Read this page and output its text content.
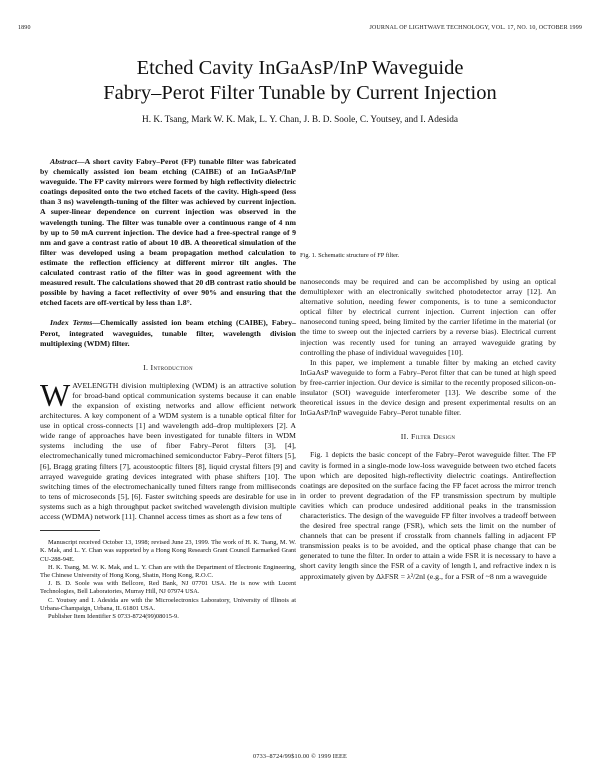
1890	JOURNAL OF LIGHTWAVE TECHNOLOGY, VOL. 17, NO. 10, OCTOBER 1999
Etched Cavity InGaAsP/InP Waveguide
Fabry–Perot Filter Tunable by Current Injection
H. K. Tsang, Mark W. K. Mak, L. Y. Chan, J. B. D. Soole, C. Youtsey, and I. Adesida

Abstract—A short cavity Fabry–Perot (FP) tunable filter was fabricated by chemically assisted ion beam etching (CAIBE) of an InGaAsP/InP waveguide. The FP cavity mirrors were formed by high reflectivity dielectric coatings deposited onto the two etched facets of the cavity. High-speed (less than 3 ns) wavelength-tuning of the filter was achieved by current injection. A super-linear dependence on current injection was observed in the wavelength tuning. The filter was tunable over a continuous range of 4 nm by up to 50 mA current injection. The device had a free-spectral range of 9 nm and gave a contrast ratio of about 10 dB. A theoretical simulation of the filter was developed using a beam propagation method calculation to estimate the reflection efficiency at different mirror tilt angles. The calculated contrast ratio of the filter was in good agreement with the measured result. The calculations showed that 20 dB contrast ratio should be possible by having a facet reflectivity of over 90% and ensuring that the etched facets are off-vertical by less than 1.8°.

Index Terms—Chemically assisted ion beam etching (CAIBE), Fabry–Perot, integrated waveguides, tunable filter, wavelength division multiplexing (WDM) filter.

I. Introduction

WAVELENGTH division multiplexing (WDM) is an attractive solution for broad-band optical communication systems because it can enable the expansion of existing networks and allow efficient network architectures. A key component of a WDM system is a tunable optical filter for use in optical cross-connects [1] and wavelength add–drop multiplexers [2]. A wide range of approaches have been investigated for tunable filters in WDM systems including the use of fiber Fabry–Perot filters [3], [4], electromechanically tuned micromachined semiconductor Fabry–Perot filters [5], [6], Bragg grating filters [7], acoustooptic filters [8], liquid crystal filters [9] and arrayed waveguide grating devices integrated with phase shifters [10]. The switching times of the electromechanically tuned filters range from milliseconds to tens of microseconds [5], [6]. Faster switching speeds are desirable for use in systems such as a high throughput packet switched wavelength division multiple access (WDMA) network [11]. Channel access times as short as a few tens of

Manuscript received October 13, 1998; revised June 23, 1999. The work of H. K. Tsang, M. W. K. Mak, and L. Y. Chan was supported by a Hong Kong Research Grant Council Earmarked Grant CU-288-94E.

H. K. Tsang, M. W. K. Mak, and L. Y. Chan are with the Department of Electronic Engineering, The Chinese University of Hong Kong, Shatin, Hong Kong, R.O.C.

J. B. D. Soole was with Bellcore, Red Bank, NJ 07701 USA. He is now with Lucent Technologies, Bell Laboratories, Murray Hill, NJ 07974 USA.

C. Youtsey and I. Adesida are with the Microelectronics Laboratory, University of Illinois at Urbana-Champaign, Urbana, IL 61801 USA.

Publisher Item Identifier S 0733-8724(99)08015-9.

Fig. 1. Schematic structure of FP filter.

nanoseconds may be required and can be accomplished by using an optical demultiplexer with an electronically switched photodetector array [12]. An alternative solution, needing fewer components, is to tune a semiconductor optical filter by electrical current injection. Current injection can offer nanosecond tuning speed, being limited by the carrier lifetime in the material (or the time to sweep out the injected carriers by a reverse bias). Electrical current injection was recently used for tuning an arrayed waveguide grating by controlling the phase of individual waveguides [10].

In this paper, we implement a tunable filter by making an etched cavity InGaAsP waveguide to form a Fabry–Perot filter that can be tuned at high speed by free-carrier injection. Our device is similar to the recently proposed silicon-on-insulator (SOI) waveguide interferometer [13]. We describe some of the theoretical issues in the device design and present experimental results on an InGaAsP/InP waveguide Fabry–Perot tunable filter.

II. Filter Design

Fig. 1 depicts the basic concept of the Fabry–Perot waveguide filter. The FP cavity is formed in a single-mode low-loss waveguide between two etched facets upon which are deposited high-reflectivity dielectric coatings. Antireflection coatings are deposited on the surface facing the FP facet across the mirror trench in order to prevent degradation of the FP transmission spectrum by multiple cavities which can produce undesired additional peaks in the transmission characteristics. The design of the waveguide FP filter involves a tradeoff between the desired free spectral range (FSR), which sets the limit on the number of channels that can be present if crosstalk from channels falling in adjacent FP transmission peaks is to be avoided, and the optical phase change that can be generated to tune the filter. In order to attain a wide FSR it is necessary to have a short cavity length since the FSR of a cavity of length l, and refractive index n is approximately given by ΔλFSR = λ²/2nl (e.g., for a FSR of ~8 nm a waveguide

0733–8724/99$10.00 © 1999 IEEE
